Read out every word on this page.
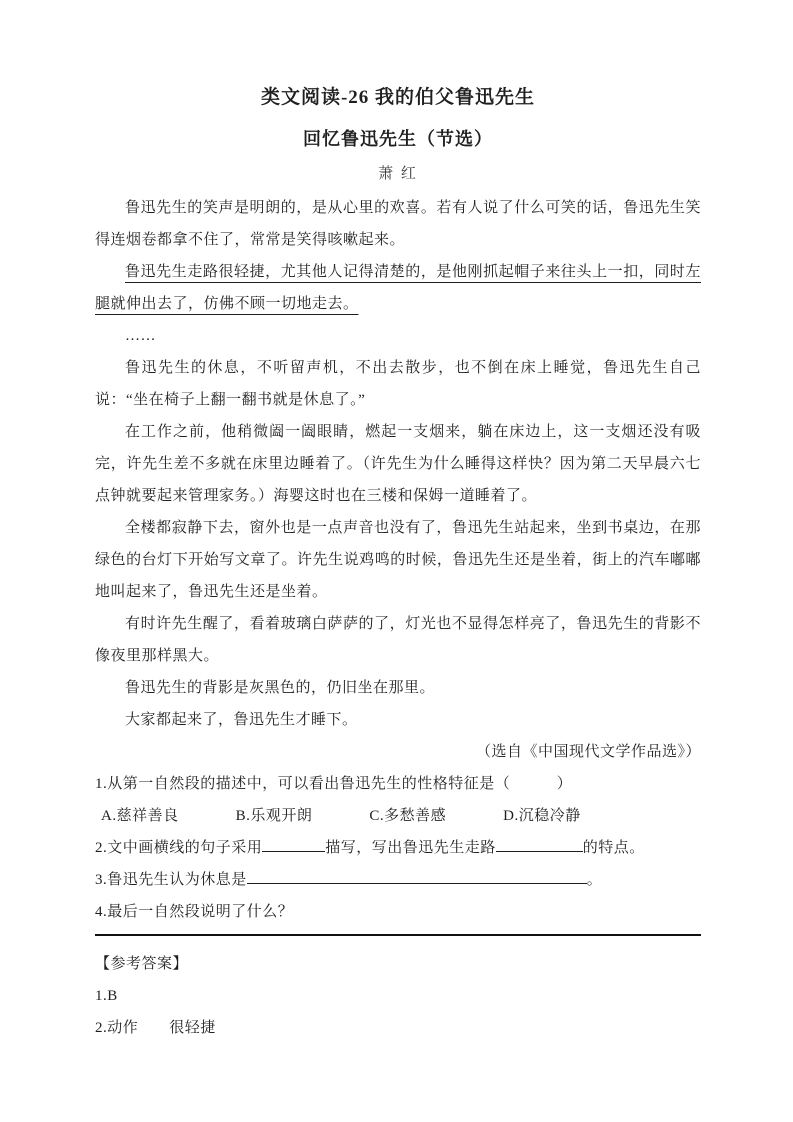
类文阅读-26 我的伯父鲁迅先生
回忆鲁迅先生（节选）
萧 红

鲁迅先生的笑声是明朗的，是从心里的欢喜。若有人说了什么可笑的话，鲁迅先生笑得连烟卷都拿不住了，常常是笑得咳嗽起来。

鲁迅先生走路很轻捷，尤其他人记得清楚的，是他刚抓起帽子来往头上一扣，同时左腿就伸出去了，仿佛不顾一切地走去。

……

鲁迅先生的休息，不听留声机，不出去散步，也不倒在床上睡觉，鲁迅先生自己说：“坐在椅子上翻一翻书就是休息了。”

在工作之前，他稍微阖一阖眼睛，燃起一支烟来，躺在床边上，这一支烟还没有吸完，许先生差不多就在床里边睡着了。（许先生为什么睡得这样快？因为第二天早晨六七点钟就要起来管理家务。）海婴这时也在三楼和保姆一道睡着了。

全楼都寂静下去，窗外也是一点声音也没有了，鲁迅先生站起来，坐到书桌边，在那绿色的台灯下开始写文章了。许先生说鸡鸣的时候，鲁迅先生还是坐着，街上的汽车嘟嘟地叫起来了，鲁迅先生还是坐着。

有时许先生醒了，看着玻璃白萨萨的了，灯光也不显得怎样亮了，鲁迅先生的背影不像夜里那样黑大。

鲁迅先生的背影是灰黑色的，仍旧坐在那里。

大家都起来了，鲁迅先生才睡下。

（选自《中国现代文学作品选》）

1.从第一自然段的描述中，可以看出鲁迅先生的性格特征是（　　　）

A.慈祥善良	B.乐观开朗	C.多愁善感	D.沉稳冷静

2.文中画横线的句子采用	描写，写出鲁迅先生走路	的特点。

3.鲁迅先生认为休息是	。

4.最后一自然段说明了什么？

【参考答案】

1.B

2.动作　　很轻捷
